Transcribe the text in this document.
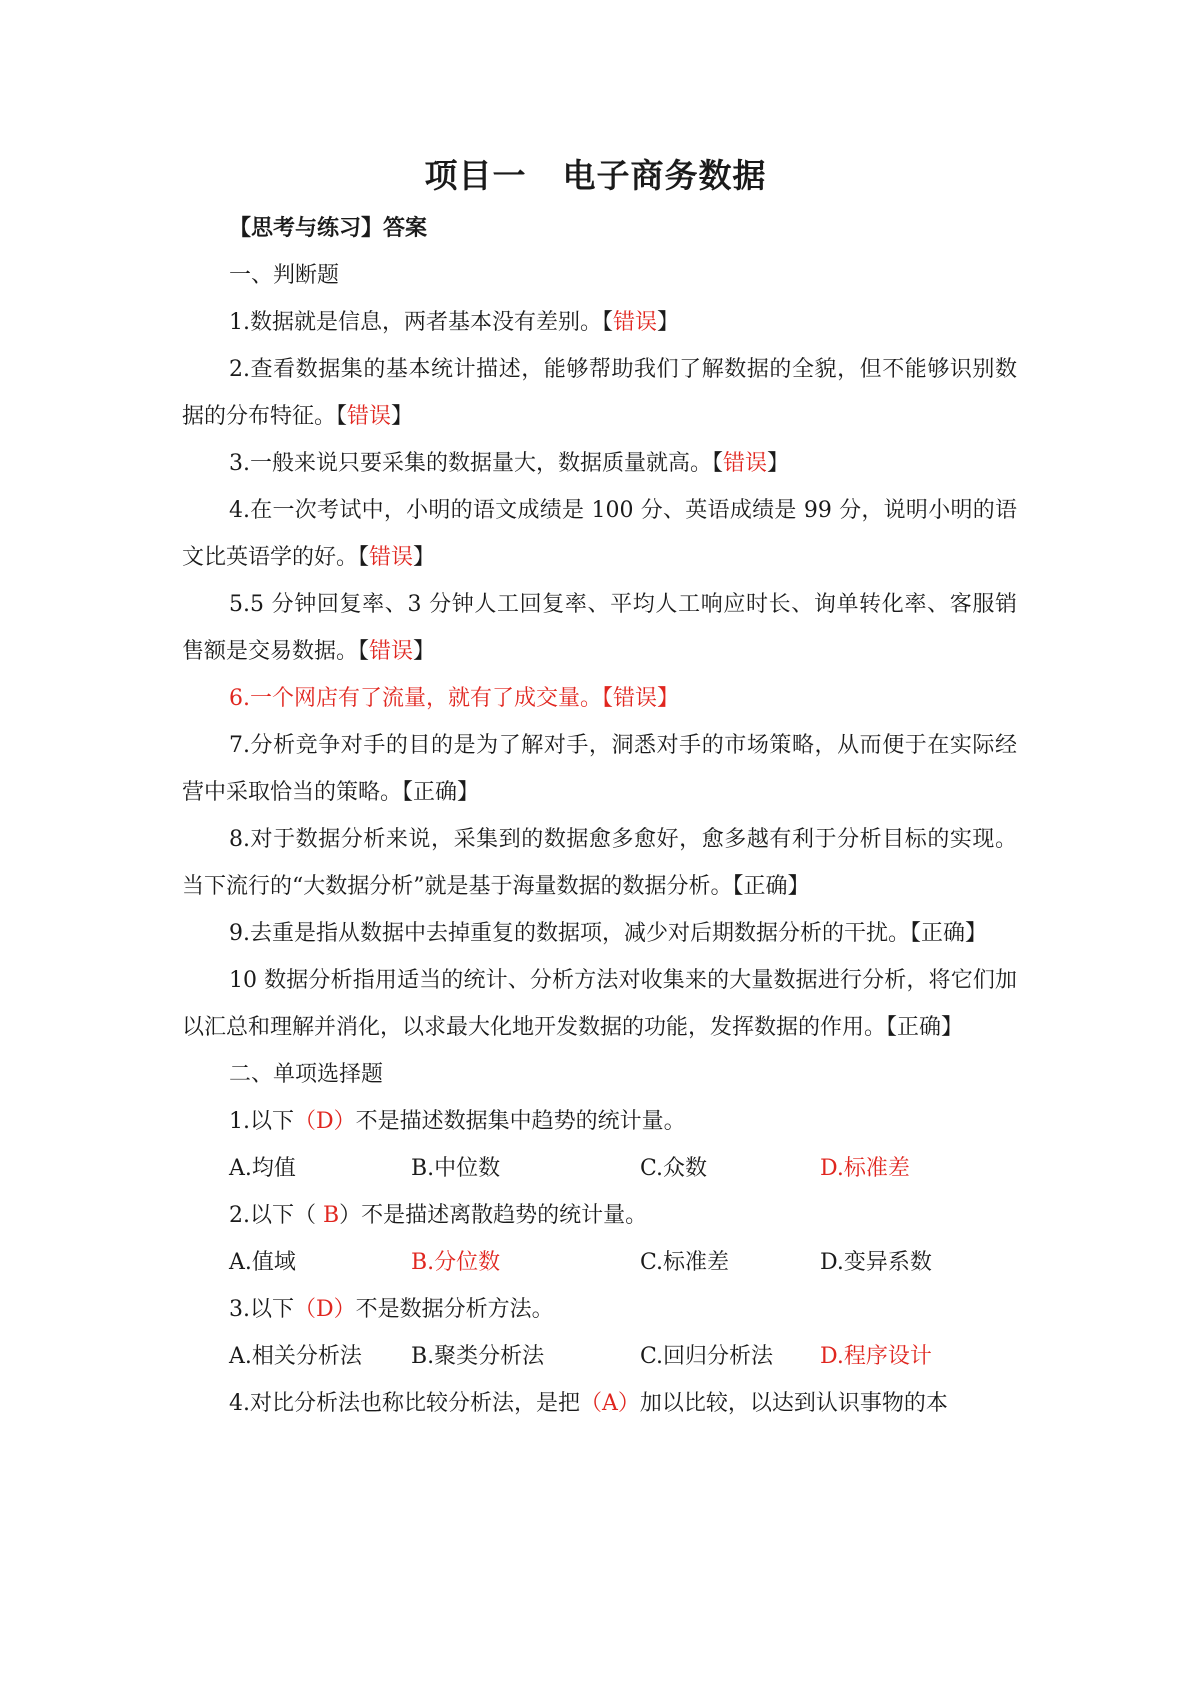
项目一 电子商务数据

【思考与练习】答案

一、判断题

1.数据就是信息，两者基本没有差别。【错误】

2.查看数据集的基本统计描述，能够帮助我们了解数据的全貌，但不能够识别数据的分布特征。【错误】

3.一般来说只要采集的数据量大，数据质量就高。【错误】

4.在一次考试中，小明的语文成绩是 100 分、英语成绩是 99 分，说明小明的语文比英语学的好。【错误】

5.5 分钟回复率、3 分钟人工回复率、平均人工响应时长、询单转化率、客服销售额是交易数据。【错误】

6.一个网店有了流量，就有了成交量。【错误】

7.分析竞争对手的目的是为了解对手，洞悉对手的市场策略，从而便于在实际经营中采取恰当的策略。【正确】

8.对于数据分析来说，采集到的数据愈多愈好，愈多越有利于分析目标的实现。当下流行的“大数据分析”就是基于海量数据的数据分析。【正确】

9.去重是指从数据中去掉重复的数据项，减少对后期数据分析的干扰。【正确】

10 数据分析指用适当的统计、分析方法对收集来的大量数据进行分析，将它们加以汇总和理解并消化，以求最大化地开发数据的功能，发挥数据的作用。【正确】

二、单项选择题

1.以下（D）不是描述数据集中趋势的统计量。

A.均值	B.中位数	C.众数	D.标准差

2.以下（ B）不是描述离散趋势的统计量。

A.值域	B.分位数	C.标准差	D.变异系数

3.以下（D）不是数据分析方法。

A.相关分析法 B.聚类分析法	C.回归分析法 D.程序设计

4.对比分析法也称比较分析法，是把（A）加以比较，以达到认识事物的本
